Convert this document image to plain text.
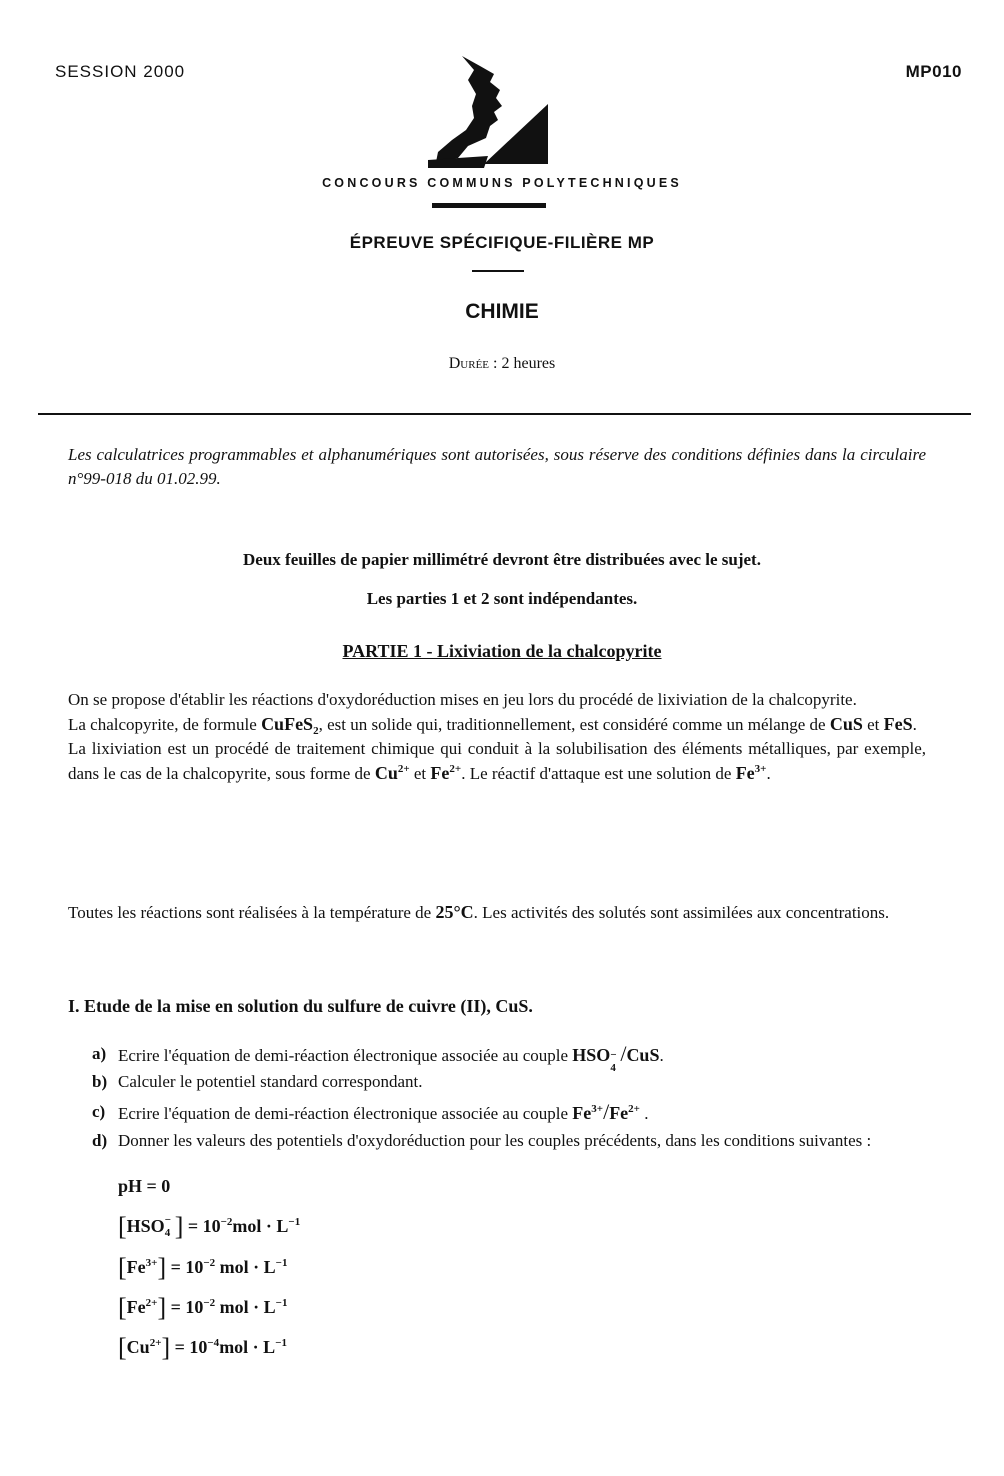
SESSION 2000	MP010
CONCOURS COMMUNS POLYTECHNIQUES
ÉPREUVE SPÉCIFIQUE-FILIÈRE MP
CHIMIE
Durée : 2 heures
Les calculatrices programmables et alphanumériques sont autorisées, sous réserve des conditions définies dans la circulaire n°99-018 du 01.02.99.
Deux feuilles de papier millimétré devront être distribuées avec le sujet.
Les parties 1 et 2 sont indépendantes.
PARTIE 1 - Lixiviation de la chalcopyrite
On se propose d'établir les réactions d'oxydoréduction mises en jeu lors du procédé de lixiviation de la chalcopyrite.
La chalcopyrite, de formule CuFeS$_2$, est un solide qui, traditionnellement, est considéré comme un mélange de CuS et FeS.
La lixiviation est un procédé de traitement chimique qui conduit à la solubilisation des éléments métalliques, par exemple, dans le cas de la chalcopyrite, sous forme de $Cu^{2+}$ et $Fe^{2+}$. Le réactif d'attaque est une solution de $Fe^{3+}$.
Toutes les réactions sont réalisées à la température de 25°C. Les activités des solutés sont assimilées aux concentrations.
I. Etude de la mise en solution du sulfure de cuivre (II), CuS.
a) Ecrire l'équation de demi-réaction électronique associée au couple HSO −
4
/CuS.
b) Calculer le potentiel standard correspondant.
c) Ecrire l'équation de demi-réaction électronique associée au couple $Fe^{3+}/Fe^{2+}$ .
d) Donner les valeurs des potentiels d'oxydoréduction pour les couples précédents, dans les conditions suivantes :
pH = 0
[HSO −
4 ] = $10^{-2}mol \cdot L^{-1}$
$[Fe^{3+}] = 10^{-2}$ mol · $L^{-1}$
$[Fe^{2+}] = 10^{-2}$ mol · $L^{-1}$
$[Cu^{2+}] = 10^{-4}mol \cdot L^{-1}$
